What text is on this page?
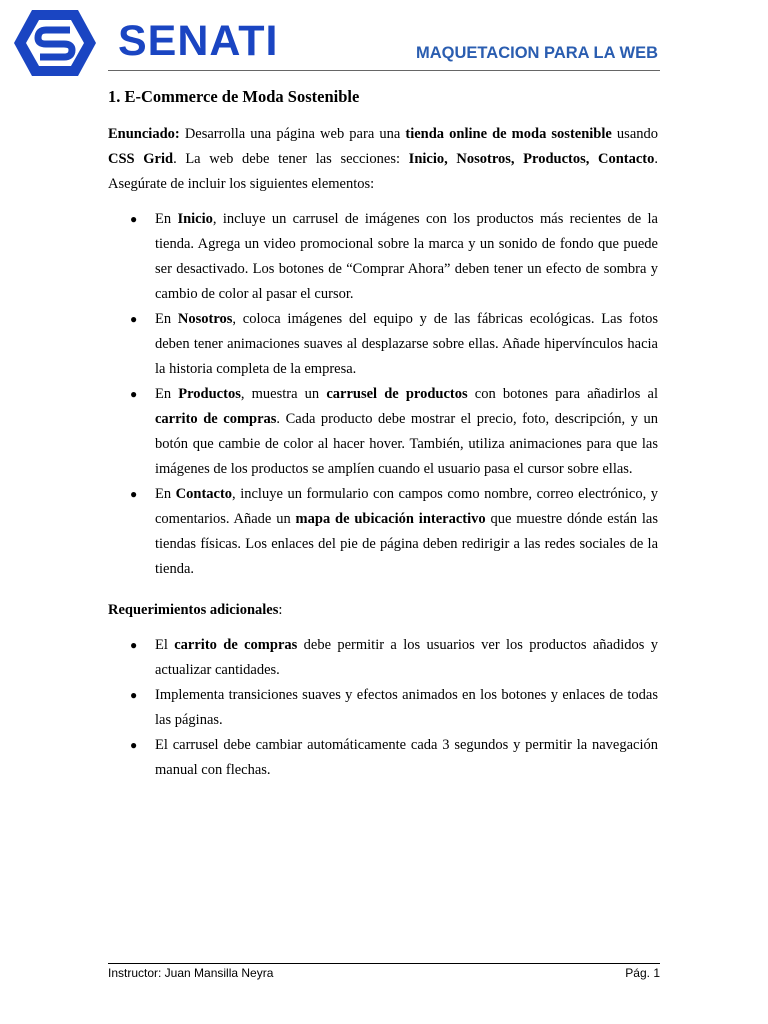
SENATI	MAQUETACION PARA LA WEB
1. E-Commerce de Moda Sostenible

Enunciado: Desarrolla una página web para una tienda online de moda sostenible usando CSS Grid. La web debe tener las secciones: Inicio, Nosotros, Productos, Contacto. Asegúrate de incluir los siguientes elementos:

● En Inicio, incluye un carrusel de imágenes con los productos más recientes de la tienda. Agrega un video promocional sobre la marca y un sonido de fondo que puede ser desactivado. Los botones de “Comprar Ahora” deben tener un efecto de sombra y cambio de color al pasar el cursor.
● En Nosotros, coloca imágenes del equipo y de las fábricas ecológicas. Las fotos deben tener animaciones suaves al desplazarse sobre ellas. Añade hipervínculos hacia la historia completa de la empresa.
● En Productos, muestra un carrusel de productos con botones para añadirlos al carrito de compras. Cada producto debe mostrar el precio, foto, descripción, y un botón que cambie de color al hacer hover. También, utiliza animaciones para que las imágenes de los productos se amplíen cuando el usuario pasa el cursor sobre ellas.
● En Contacto, incluye un formulario con campos como nombre, correo electrónico, y comentarios. Añade un mapa de ubicación interactivo que muestre dónde están las tiendas físicas. Los enlaces del pie de página deben redirigir a las redes sociales de la tienda.
Requerimientos adicionales:
● El carrito de compras debe permitir a los usuarios ver los productos añadidos y actualizar cantidades.
● Implementa transiciones suaves y efectos animados en los botones y enlaces de todas las páginas.
● El carrusel debe cambiar automáticamente cada 3 segundos y permitir la navegación manual con flechas.
Instructor: Juan Mansilla Neyra	Pág. 1
